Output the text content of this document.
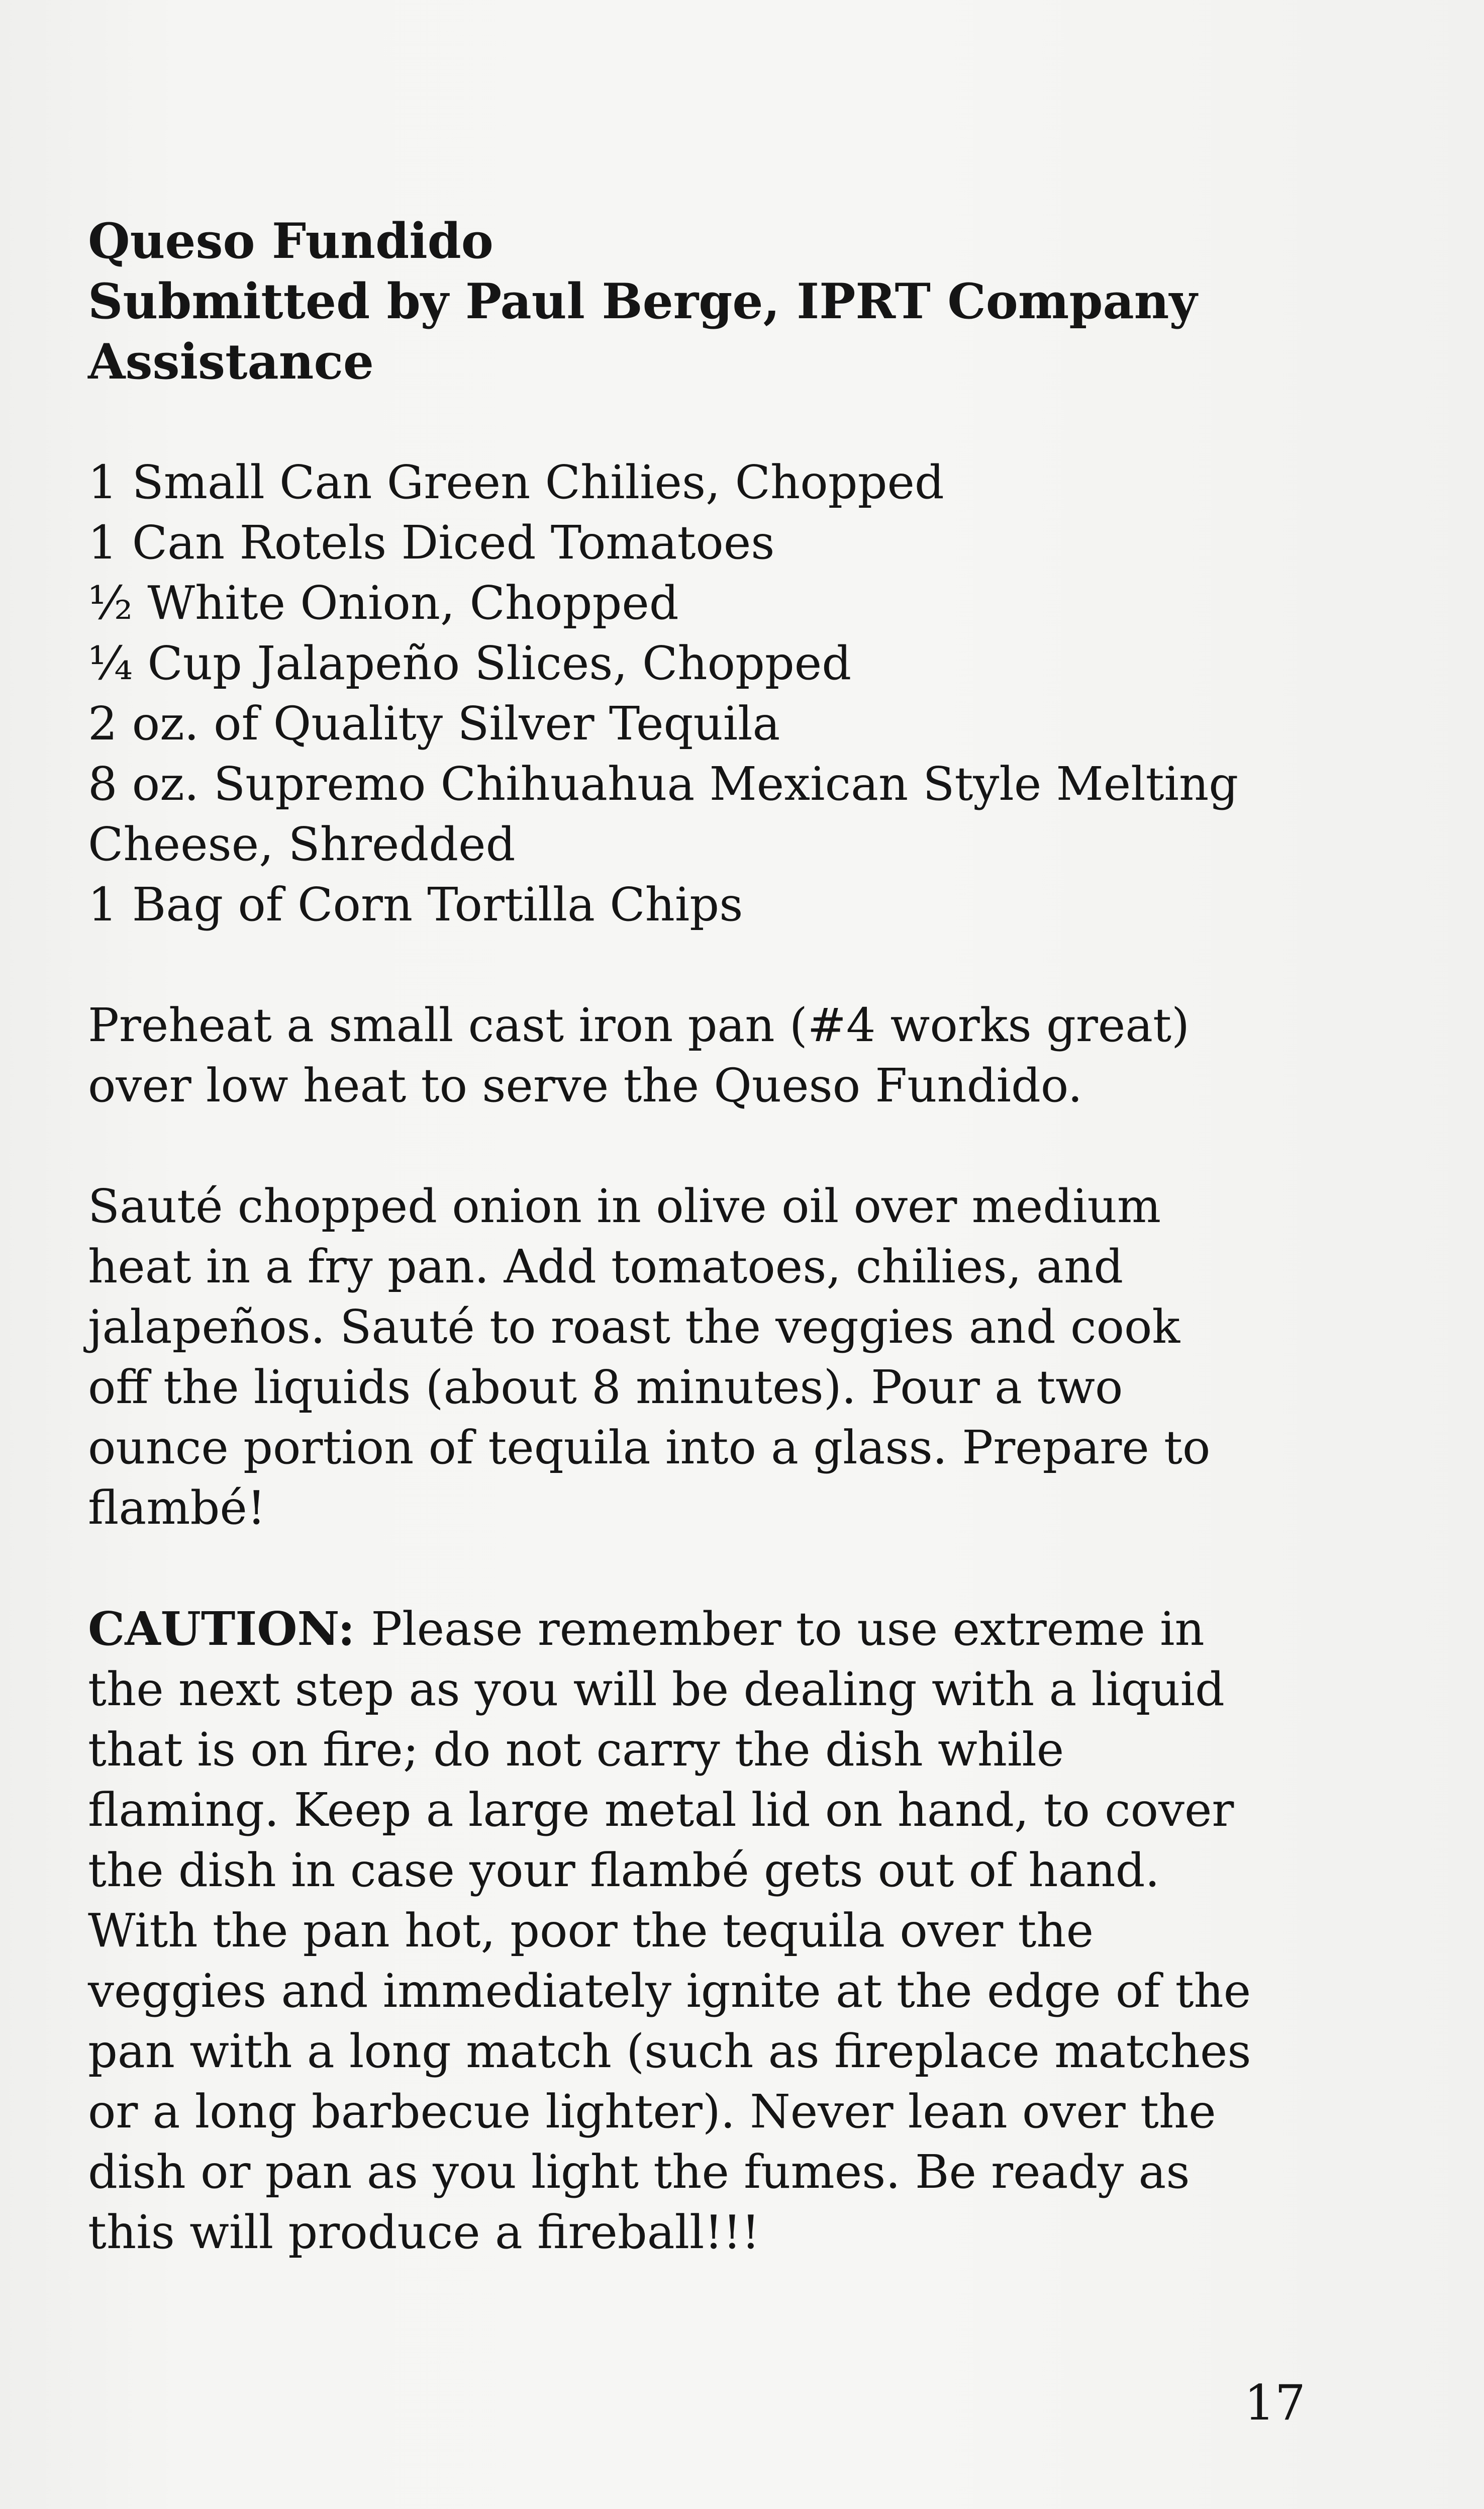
Queso Fundido
Submitted by Paul Berge, IPRT Company
Assistance
1 Small Can Green Chilies, Chopped
1 Can Rotels Diced Tomatoes
½ White Onion, Chopped
¼ Cup Jalapeño Slices, Chopped
2 oz. of Quality Silver Tequila
8 oz. Supremo Chihuahua Mexican Style Melting
Cheese, Shredded
1 Bag of Corn Tortilla Chips
Preheat a small cast iron pan (#4 works great) over low heat to serve the Queso Fundido.
Sauté chopped onion in olive oil over medium heat in a fry pan. Add tomatoes, chilies, and jalapeños. Sauté to roast the veggies and cook off the liquids (about 8 minutes). Pour a two ounce portion of tequila into a glass. Prepare to flambé!
CAUTION: Please remember to use extreme in the next step as you will be dealing with a liquid that is on fire; do not carry the dish while flaming. Keep a large metal lid on hand, to cover the dish in case your flambé gets out of hand. With the pan hot, poor the tequila over the veggies and immediately ignite at the edge of the pan with a long match (such as fireplace matches or a long barbecue lighter). Never lean over the dish or pan as you light the fumes. Be ready as this will produce a fireball!!!
17
